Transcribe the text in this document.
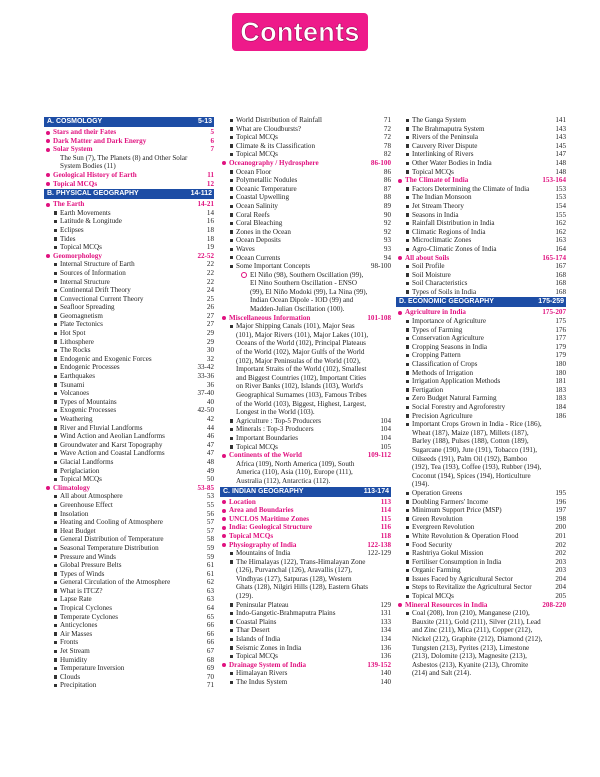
Contents
A. COSMOLOGY	5-13
Stars and their Fates	5
Dark Matter and Dark Energy	6
Solar System	7
The Sun (7), The Planets (8) and Other Solar System Bodies (11)
Geological History of Earth	11
Topical MCQs	12
B. PHYSICAL GEOGRAPHY	14-112
The Earth	14-21
Earth Movements	14
Latitude & Longitude	16
Eclipses	18
Tides	18
Topical MCQs	19
Geomorphology	22-52
Internal Structure of Earth	22
Sources of Information	22
Internal Structure	22
Continental Drift Theory	24
Convectional Current Theory	25
Seafloor Spreading	26
Geomagnetism	27
Plate Tectonics	27
Hot Spot	29
Lithosphere	29
The Rocks	30
Endogenic and Exogenic Forces	32
Endogenic Processes	33-42
Earthquakes	33-36
Tsunami	36
Volcanoes	37-40
Types of Mountains	40
Exogenic Processes	42-50
Weathering	42
River and Fluvial Landforms	44
Wind Action and Aeolian Landforms	46
Groundwater and Karst Topography	47
Wave Action and Coastal Landforms	47
Glacial Landforms	48
Periglaciation	49
Topical MCQs	50
Climatology	53-85
All about Atmosphere	53
Greenhouse Effect	55
Insolation	56
Heating and Cooling of Atmosphere	57
Heat Budget	57
General Distribution of Temperature	58
Seasonal Temperature Distribution	59
Pressure and Winds	59
Global Pressure Belts	61
Types of Winds	61
General Circulation of the Atmosphere	62
What is ITCZ?	63
Lapse Rate	63
Tropical Cyclones	64
Temperate Cyclones	65
Anticyclones	66
Air Masses	66
Fronts	66
Jet Stream	67
Humidity	68
Temperature Inversion	69
Clouds	70
Precipitation	71
World Distribution of Rainfall	71
What are Cloudbursts?	72
Topical MCQs	72
Climate & its Classification	78
Topical MCQs	82
Oceanography / Hydrosphere	86-100
Ocean Floor	86
Polymetallic Nodules	86
Oceanic Temperature	87
Coastal Upwelling	88
Ocean Salinity	89
Coral Reefs	90
Coral Bleaching	92
Zones in the Ocean	92
Ocean Deposits	93
Waves	93
Ocean Currents	94
Some Important Concepts	98-100
El Niño (98), Southern Oscillation (99), El Nino Southern Oscillation - ENSO (99), El Niño Modoki (99), La Nina (99), Indian Ocean Dipole - IOD (99) and Madden-Julian Oscillation (100).
Miscellaneous Information	101-108
Major Shipping Canals (101), Major Seas (101), Major Rivers (101), Major Lakes (101), Oceans of the World (102), Principal Plateaus of the World (102), Major Gulfs of the World (102), Major Peninsulas of the World (102), Important Straits of the World (102), Smallest and Biggest Countries (102), Important Cities on River Banks (102), Islands (103), World's Geographical Surnames (103), Famous Tribes of the World (103), Biggest, Highest, Largest, Longest in the World (103).
Agriculture : Top-5 Producers	104
Minerals : Top-3 Producers	104
Important Boundaries	104
Topical MCQs	105
Continents of the World	109-112
Africa (109), North America (109), South America (110), Asia (110), Europe (111), Australia (112), Antarctica (112).
C. INDIAN GEOGRAPHY	113-174
Location	113
Area and Boundaries	114
UNCLOS Maritime Zones	115
India: Geological Structure	116
Topical MCQs	118
Physiography of India	122-138
Mountains of India	122-129
The Himalayas (122), Trans-Himalayan Zone (126), Purvanchal (126), Aravallis (127), Vindhyas (127), Satpuras (128), Western Ghats (128), Nilgiri Hills (128), Eastern Ghats (129).
Peninsular Plateau	129
Indo-Gangetic-Brahmaputra Plains	131
Coastal Plains	133
Thar Desert	134
Islands of India	134
Seismic Zones in India	136
Topical MCQs	136
Drainage System of India	139-152
Himalayan Rivers	140
The Indus System	140
The Ganga System	141
The Brahmaputra System	143
Rivers of the Peninsula	143
Cauvery River Dispute	145
Interlinking of Rivers	147
Other Water Bodies in India	148
Topical MCQs	148
The Climate of India	153-164
Factors Determining the Climate of India	153
The Indian Monsoon	153
Jet Stream Theory	154
Seasons in India	155
Rainfall Distribution in India	162
Climatic Regions of India	162
Microclimatic Zones	163
Agro-Climatic Zones of India	164
All about Soils	165-174
Soil Profile	167
Soil Moisture	168
Soil Characteristics	168
Types of Soils in India	168
D. ECONOMIC GEOGRAPHY	175-259
Agriculture in India	175-207
Importance of Agriculture	175
Types of Farming	176
Conservation Agriculture	177
Cropping Seasons in India	179
Cropping Pattern	179
Classification of Crops	180
Methods of Irrigation	180
Irrigation Application Methods	181
Fertigation	183
Zero Budget Natural Farming	183
Social Forestry and Agroforestry	184
Precision Agriculture	186
Important Crops Grown in India - Rice (186), Wheat (187), Maize (187), Millets (187), Barley (188), Pulses (188), Cotton (189), Sugarcane (190), Jute (191), Tobacco (191), Oilseeds (191), Palm Oil (192), Bamboo (192), Tea (193), Coffee (193), Rubber (194), Coconut (194), Spices (194), Horticulture (194).
Operation Greens	195
Doubling Farmers' Income	196
Minimum Support Price (MSP)	197
Green Revolution	198
Evergreen Revolution	200
White Revolution & Operation Flood	201
Food Security	202
Rashtriya Gokul Mission	202
Fertiliser Consumption in India	203
Organic Farming	203
Issues Faced by Agricultural Sector	204
Steps to Revitalize the Agricultural Sector	204
Topical MCQs	205
Mineral Resources in India	208-220
Coal (208), Iron (210), Manganese (210), Bauxite (211), Gold (211), Silver (211), Lead and Zinc (211), Mica (211), Copper (212), Nickel (212), Graphite (212), Diamond (212), Tungsten (213), Pyrites (213), Limestone (213), Dolomite (213), Magnesite (213), Asbestos (213), Kyanite (213), Chromite (214) and Salt (214).
